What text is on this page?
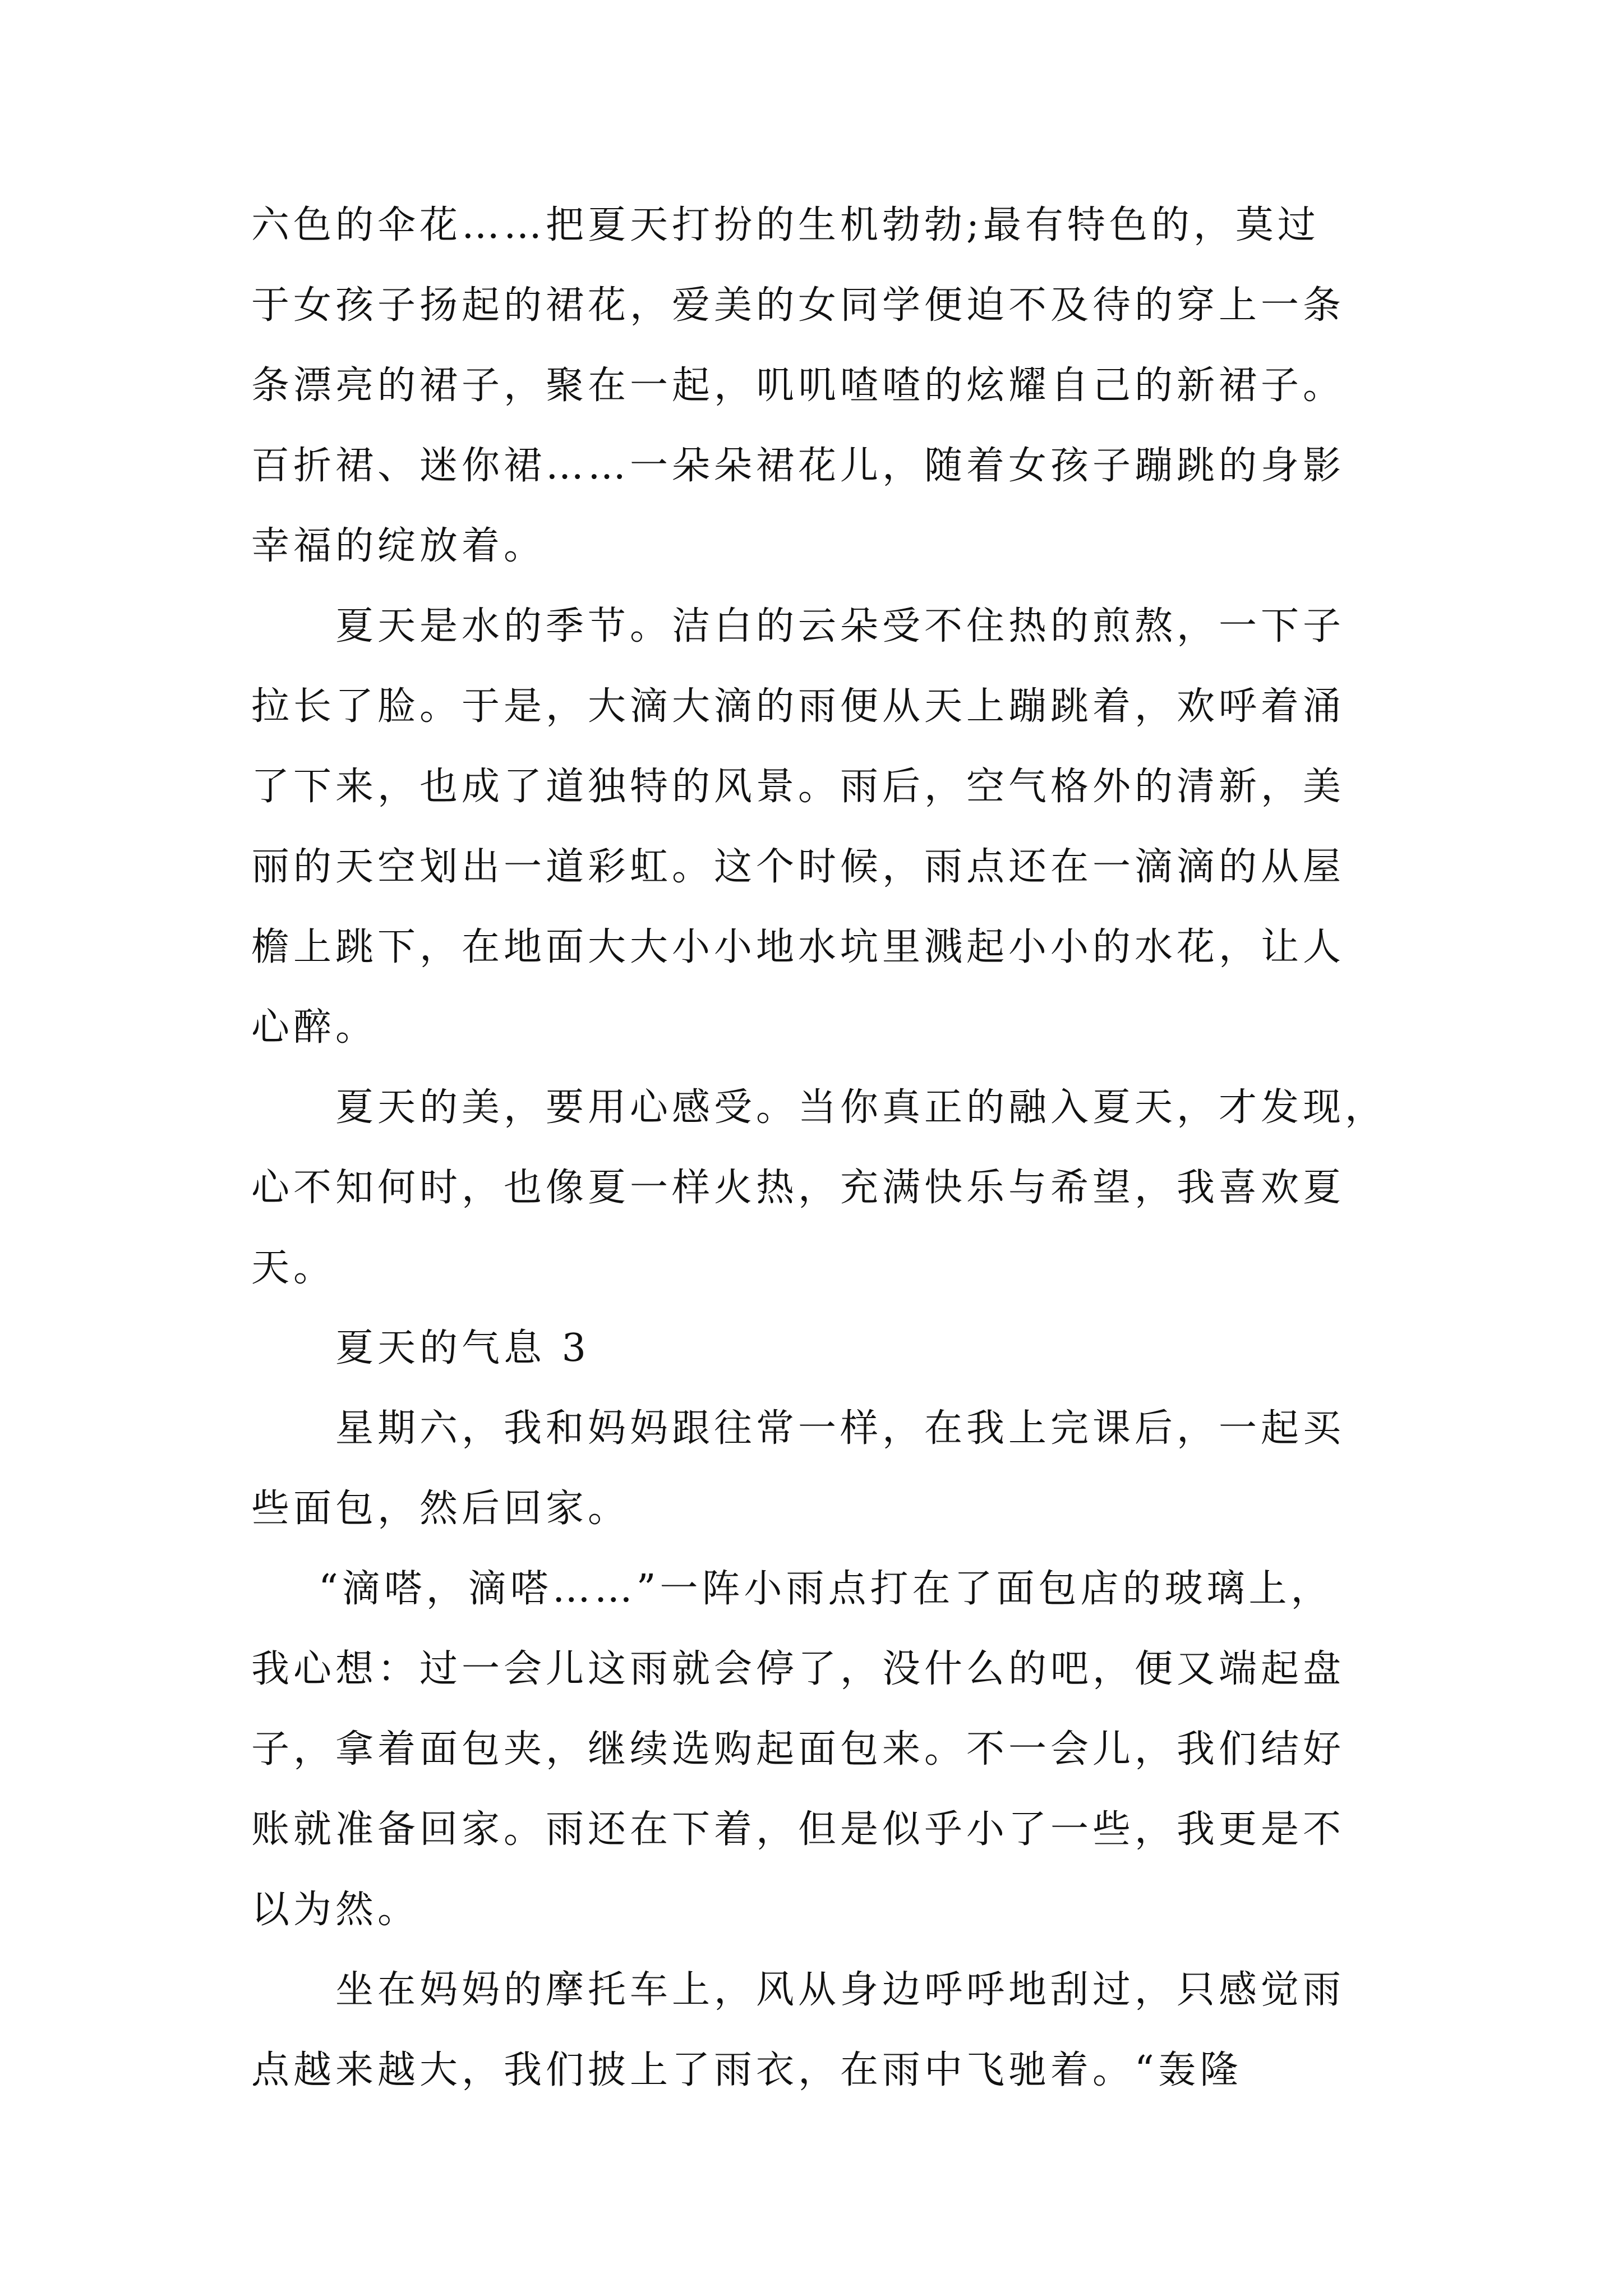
六色的伞花……把夏天打扮的生机勃勃;最有特色的，莫过
于女孩子扬起的裙花，爱美的女同学便迫不及待的穿上一条
条漂亮的裙子，聚在一起，叽叽喳喳的炫耀自己的新裙子。
百折裙、迷你裙……一朵朵裙花儿，随着女孩子蹦跳的身影
幸福的绽放着。
夏天是水的季节。洁白的云朵受不住热的煎熬，一下子
拉长了脸。于是，大滴大滴的雨便从天上蹦跳着，欢呼着涌
了下来，也成了道独特的风景。雨后，空气格外的清新，美
丽的天空划出一道彩虹。这个时候，雨点还在一滴滴的从屋
檐上跳下，在地面大大小小地水坑里溅起小小的水花，让人
心醉。
夏天的美，要用心感受。当你真正的融入夏天，才发现，
心不知何时，也像夏一样火热，充满快乐与希望，我喜欢夏
天。
夏天的气息 3
星期六，我和妈妈跟往常一样，在我上完课后，一起买
些面包，然后回家。
“滴嗒，滴嗒……”一阵小雨点打在了面包店的玻璃上，
我心想：过一会儿这雨就会停了，没什么的吧，便又端起盘
子，拿着面包夹，继续选购起面包来。不一会儿，我们结好
账就准备回家。雨还在下着，但是似乎小了一些，我更是不
以为然。
坐在妈妈的摩托车上，风从身边呼呼地刮过，只感觉雨
点越来越大，我们披上了雨衣，在雨中飞驰着。“轰隆
